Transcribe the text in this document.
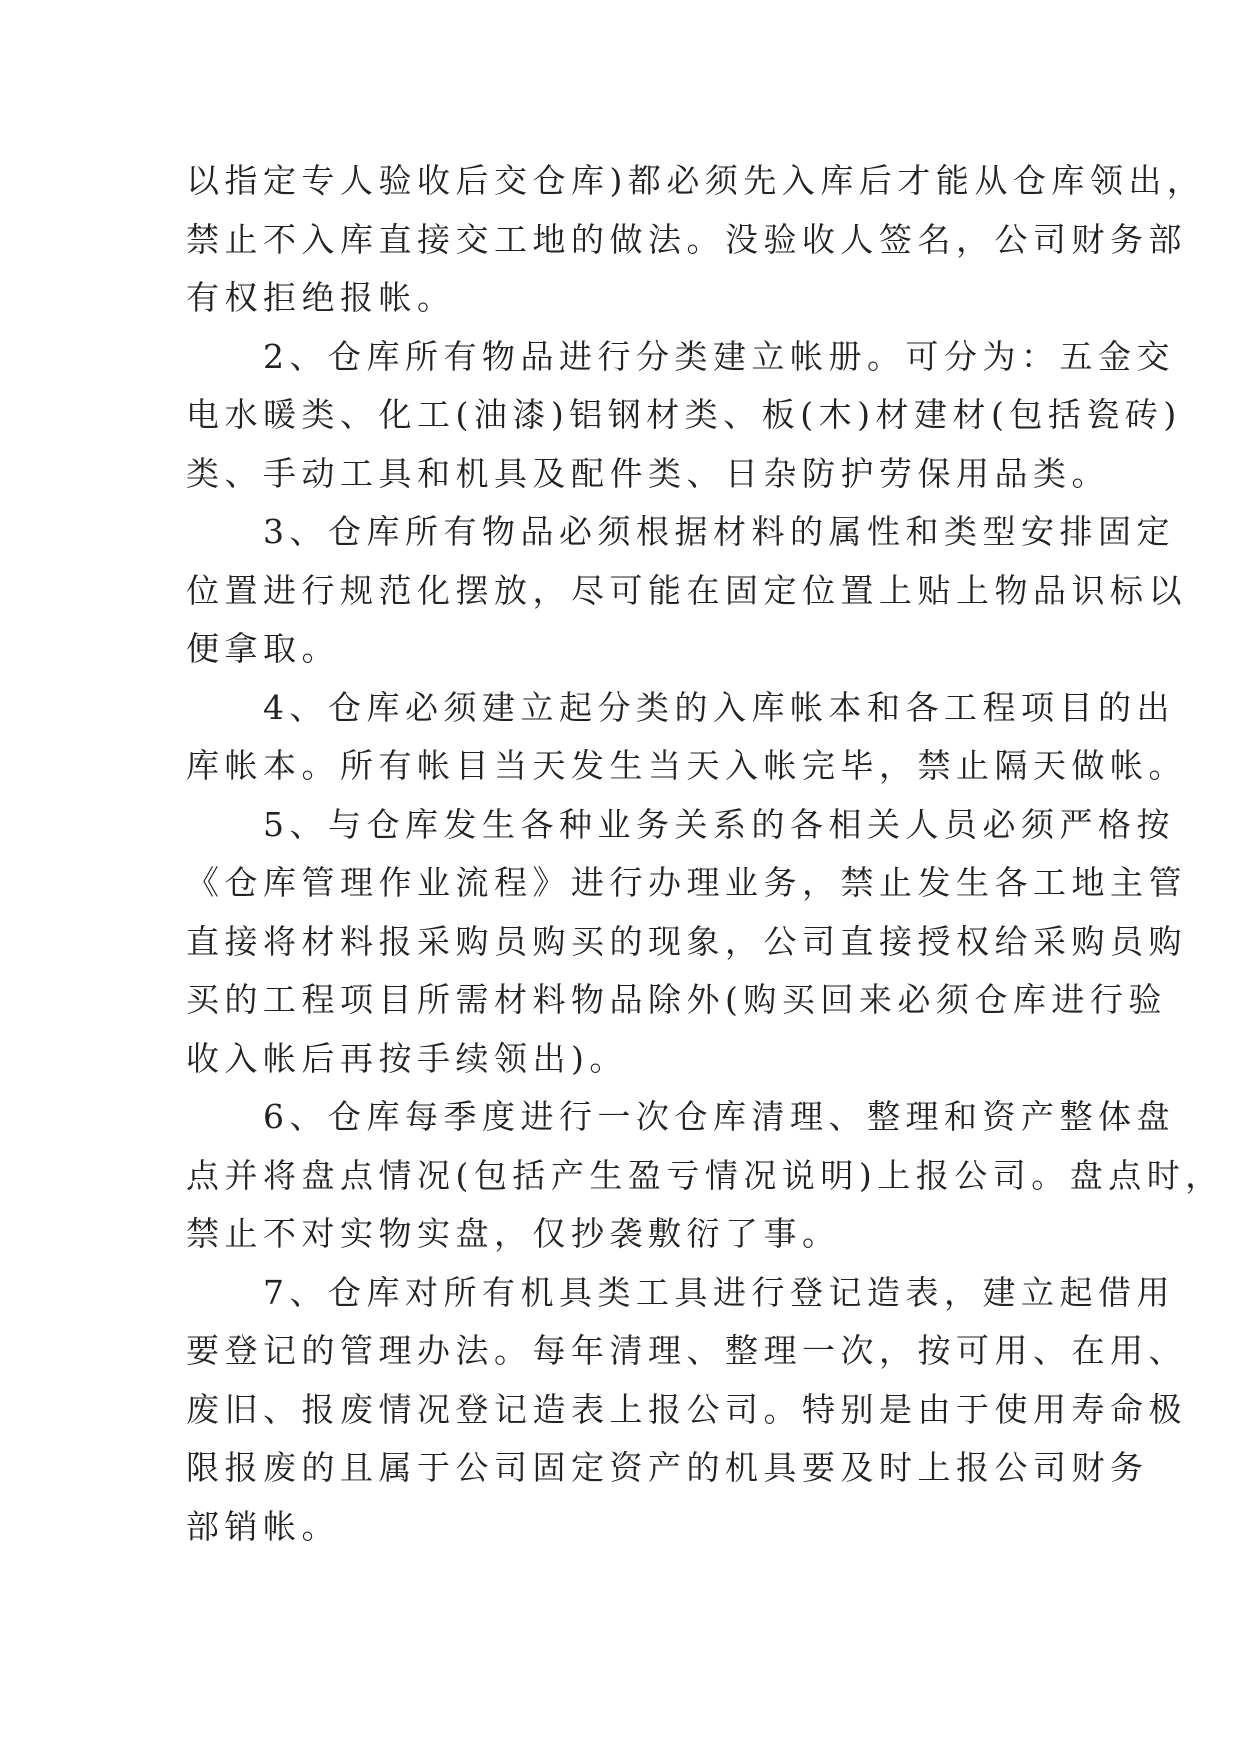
以指定专人验收后交仓库)都必须先入库后才能从仓库领出，
禁止不入库直接交工地的做法。没验收人签名，公司财务部
有权拒绝报帐。
　　2、仓库所有物品进行分类建立帐册。可分为：五金交
电水暖类、化工(油漆)铝钢材类、板(木)材建材(包括瓷砖)
类、手动工具和机具及配件类、日杂防护劳保用品类。
　　3、仓库所有物品必须根据材料的属性和类型安排固定
位置进行规范化摆放，尽可能在固定位置上贴上物品识标以
便拿取。
　　4、仓库必须建立起分类的入库帐本和各工程项目的出
库帐本。所有帐目当天发生当天入帐完毕，禁止隔天做帐。
　　5、与仓库发生各种业务关系的各相关人员必须严格按
《仓库管理作业流程》进行办理业务，禁止发生各工地主管
直接将材料报采购员购买的现象，公司直接授权给采购员购
买的工程项目所需材料物品除外(购买回来必须仓库进行验
收入帐后再按手续领出)。
　　6、仓库每季度进行一次仓库清理、整理和资产整体盘
点并将盘点情况(包括产生盈亏情况说明)上报公司。盘点时，
禁止不对实物实盘，仅抄袭敷衍了事。
　　7、仓库对所有机具类工具进行登记造表，建立起借用
要登记的管理办法。每年清理、整理一次，按可用、在用、
废旧、报废情况登记造表上报公司。特别是由于使用寿命极
限报废的且属于公司固定资产的机具要及时上报公司财务
部销帐。
